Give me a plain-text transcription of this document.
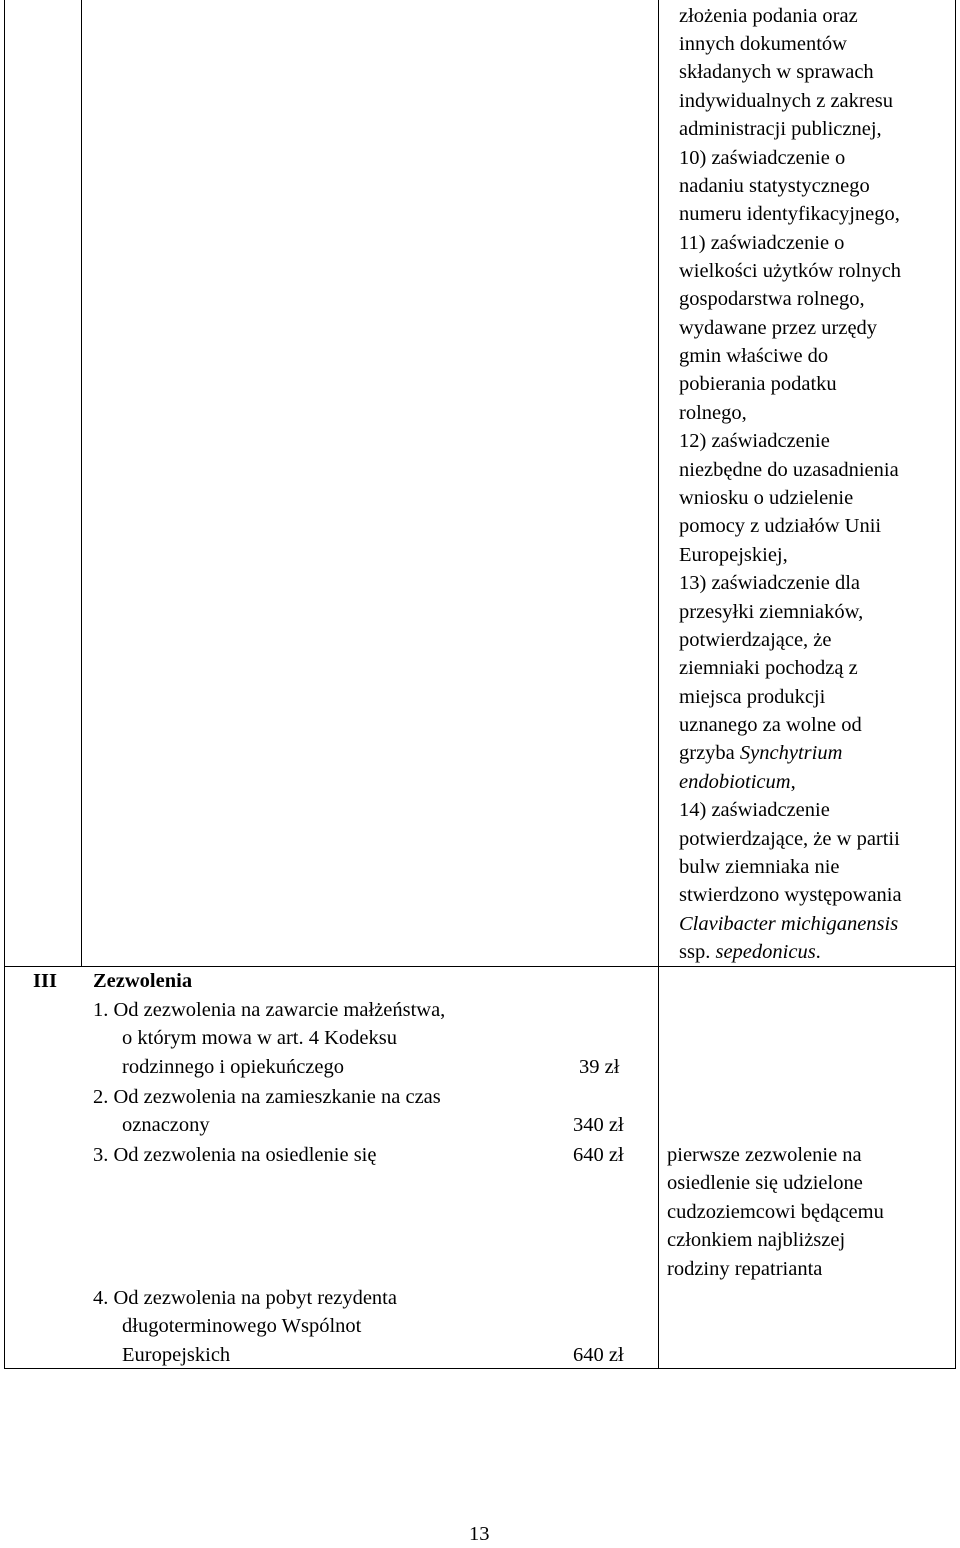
złożenia podania oraz
innych dokumentów
składanych w sprawach
indywidualnych z zakresu
administracji publicznej,
10) zaświadczenie o
nadaniu statystycznego
numeru identyfikacyjnego,
11) zaświadczenie o
wielkości użytków rolnych
gospodarstwa rolnego,
wydawane przez urzędy
gmin właściwe do
pobierania podatku
rolnego,
12) zaświadczenie
niezbędne do uzasadnienia
wniosku o udzielenie
pomocy z udziałów Unii
Europejskiej,
13) zaświadczenie dla
przesyłki ziemniaków,
potwierdzające, że
ziemniaki pochodzą z
miejsca produkcji
uznanego za wolne od
grzyba Synchytrium
endobioticum,
14) zaświadczenie
potwierdzające, że w partii
bulw ziemniaka nie
stwierdzono występowania
Clavibacter michiganensis
ssp. sepedonicus.
III Zezwolenia
1. Od zezwolenia na zawarcie małżeństwa,
o którym mowa w art. 4 Kodeksu
rodzinnego i opiekuńczego	39 zł
2. Od zezwolenia na zamieszkanie na czas
oznaczony	340 zł
3. Od zezwolenia na osiedlenie się	640 zł pierwsze zezwolenie na
osiedlenie się udzielone
cudzoziemcowi będącemu
członkiem najbliższej
rodziny repatrianta
4. Od zezwolenia na pobyt rezydenta
długoterminowego Wspólnot
Europejskich	640 zł
13
